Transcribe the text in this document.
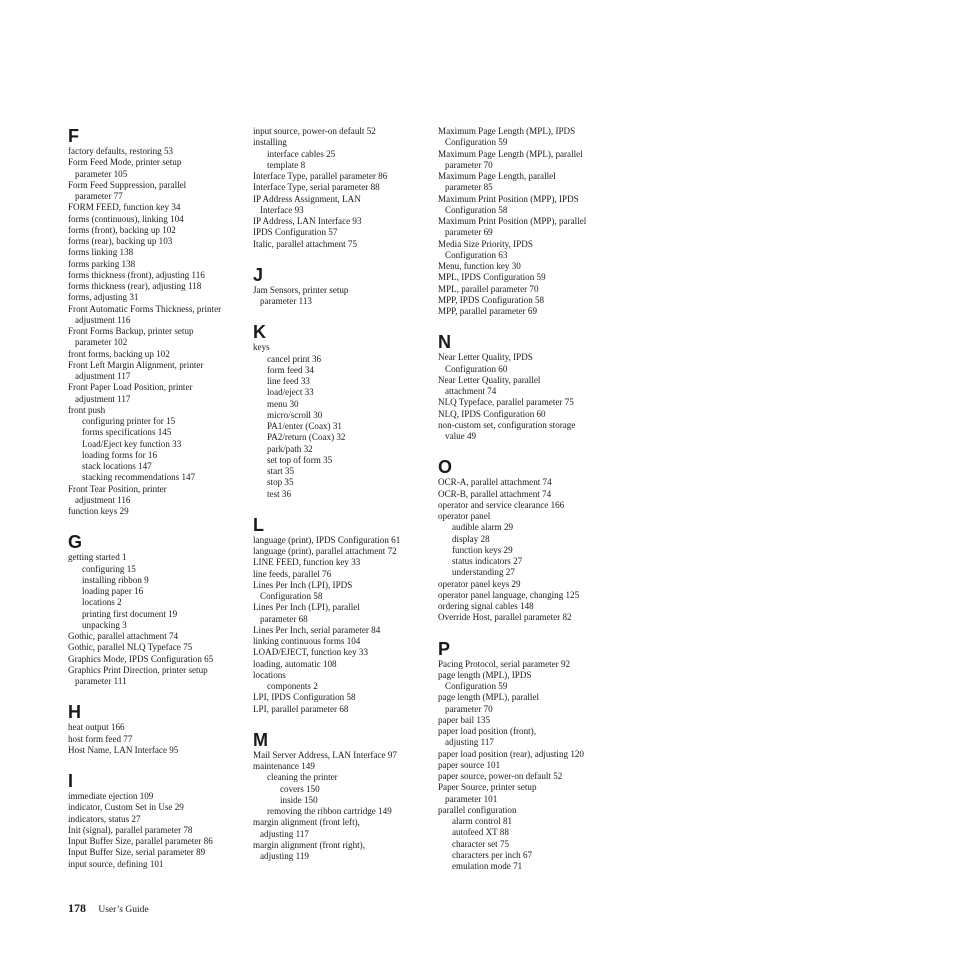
F
factory defaults, restoring 53
Form Feed Mode, printer setup
parameter 105
Form Feed Suppression, parallel
parameter 77
FORM FEED, function key 34
forms (continuous), linking 104
forms (front), backing up 102
forms (rear), backing up 103
forms linking 138
forms parking 138
forms thickness (front), adjusting 116
forms thickness (rear), adjusting 118
forms, adjusting 31
Front Automatic Forms Thickness, printer
adjustment 116
Front Forms Backup, printer setup
parameter 102
front forms, backing up 102
Front Left Margin Alignment, printer
adjustment 117
Front Paper Load Position, printer
adjustment 117
front push
configuring printer for 15
forms specifications 145
Load/Eject key function 33
loading forms for 16
stack locations 147
stacking recommendations 147
Front Tear Position, printer
adjustment 116
function keys 29
G
getting started 1
configuring 15
installing ribbon 9
loading paper 16
locations 2
printing first document 19
unpacking 3
Gothic, parallel attachment 74
Gothic, parallel NLQ Typeface 75
Graphics Mode, IPDS Configuration 65
Graphics Print Direction, printer setup
parameter 111
H
heat output 166
host form feed 77
Host Name, LAN Interface 95
I
immediate ejection 109
indicator, Custom Set in Use 29
indicators, status 27
Init (signal), parallel parameter 78
Input Buffer Size, parallel parameter 86
Input Buffer Size, serial parameter 89
input source, defining 101
input source, power-on default 52
installing
interface cables 25
template 8
Interface Type, parallel parameter 86
Interface Type, serial parameter 88
IP Address Assignment, LAN
Interface 93
IP Address, LAN Interface 93
IPDS Configuration 57
Italic, parallel attachment 75
J
Jam Sensors, printer setup
parameter 113
K
keys
cancel print 36
form feed 34
line feed 33
load/eject 33
menu 30
micro/scroll 30
PA1/enter (Coax) 31
PA2/return (Coax) 32
park/path 32
set top of form 35
start 35
stop 35
test 36
L
language (print), IPDS Configuration 61
language (print), parallel attachment 72
LINE FEED, function key 33
line feeds, parallel 76
Lines Per Inch (LPI), IPDS
Configuration 58
Lines Per Inch (LPI), parallel
parameter 68
Lines Per Inch, serial parameter 84
linking continuous forms 104
LOAD/EJECT, function key 33
loading, automatic 108
locations
components 2
LPI, IPDS Configuration 58
LPI, parallel parameter 68
M
Mail Server Address, LAN Interface 97
maintenance 149
cleaning the printer
covers 150
inside 150
removing the ribbon cartridge 149
margin alignment (front left),
adjusting 117
margin alignment (front right),
adjusting 119
Maximum Page Length (MPL), IPDS
Configuration 59
Maximum Page Length (MPL), parallel
parameter 70
Maximum Page Length, parallel
parameter 85
Maximum Print Position (MPP), IPDS
Configuration 58
Maximum Print Position (MPP), parallel
parameter 69
Media Size Priority, IPDS
Configuration 63
Menu, function key 30
MPL, IPDS Configuration 59
MPL, parallel parameter 70
MPP, IPDS Configuration 58
MPP, parallel parameter 69
N
Near Letter Quality, IPDS
Configuration 60
Near Letter Quality, parallel
attachment 74
NLQ Typeface, parallel parameter 75
NLQ, IPDS Configuration 60
non-custom set, configuration storage
value 49
O
OCR-A, parallel attachment 74
OCR-B, parallel attachment 74
operator and service clearance 166
operator panel
audible alarm 29
display 28
function keys 29
status indicators 27
understanding 27
operator panel keys 29
operator panel language, changing 125
ordering signal cables 148
Override Host, parallel parameter 82
P
Pacing Protocol, serial parameter 92
page length (MPL), IPDS
Configuration 59
page length (MPL), parallel
parameter 70
paper bail 135
paper load position (front),
adjusting 117
paper load position (rear), adjusting 120
paper source 101
paper source, power-on default 52
Paper Source, printer setup
parameter 101
parallel configuration
alarm control 81
autofeed XT 88
character set 75
characters per inch 67
emulation mode 71
178 User’s Guide
